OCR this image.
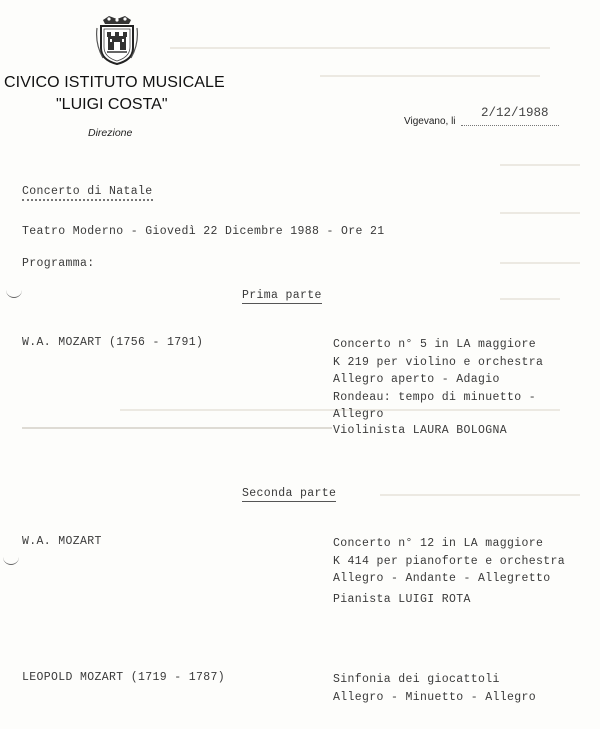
CIVICO ISTITUTO MUSICALE
"LUIGI COSTA"
Direzione
Vigevano, li
2/12/1988
Concerto di Natale
Teatro Moderno - Giovedì 22 Dicembre 1988 - Ore 21
Programma:
Prima parte
W.A. MOZART (1756 - 1791)	Concerto n° 5 in LA maggiore
K 219 per violino e orchestra
Allegro aperto - Adagio
Rondeau: tempo di minuetto -
Allegro
Violinista LAURA BOLOGNA
Seconda parte
W.A. MOZART	Concerto n° 12 in LA maggiore
K 414 per pianoforte e orchestra
Allegro - Andante - Allegretto
Pianista LUIGI ROTA
LEOPOLD MOZART (1719 - 1787)	Sinfonia dei giocattoli
Allegro - Minuetto - Allegro
